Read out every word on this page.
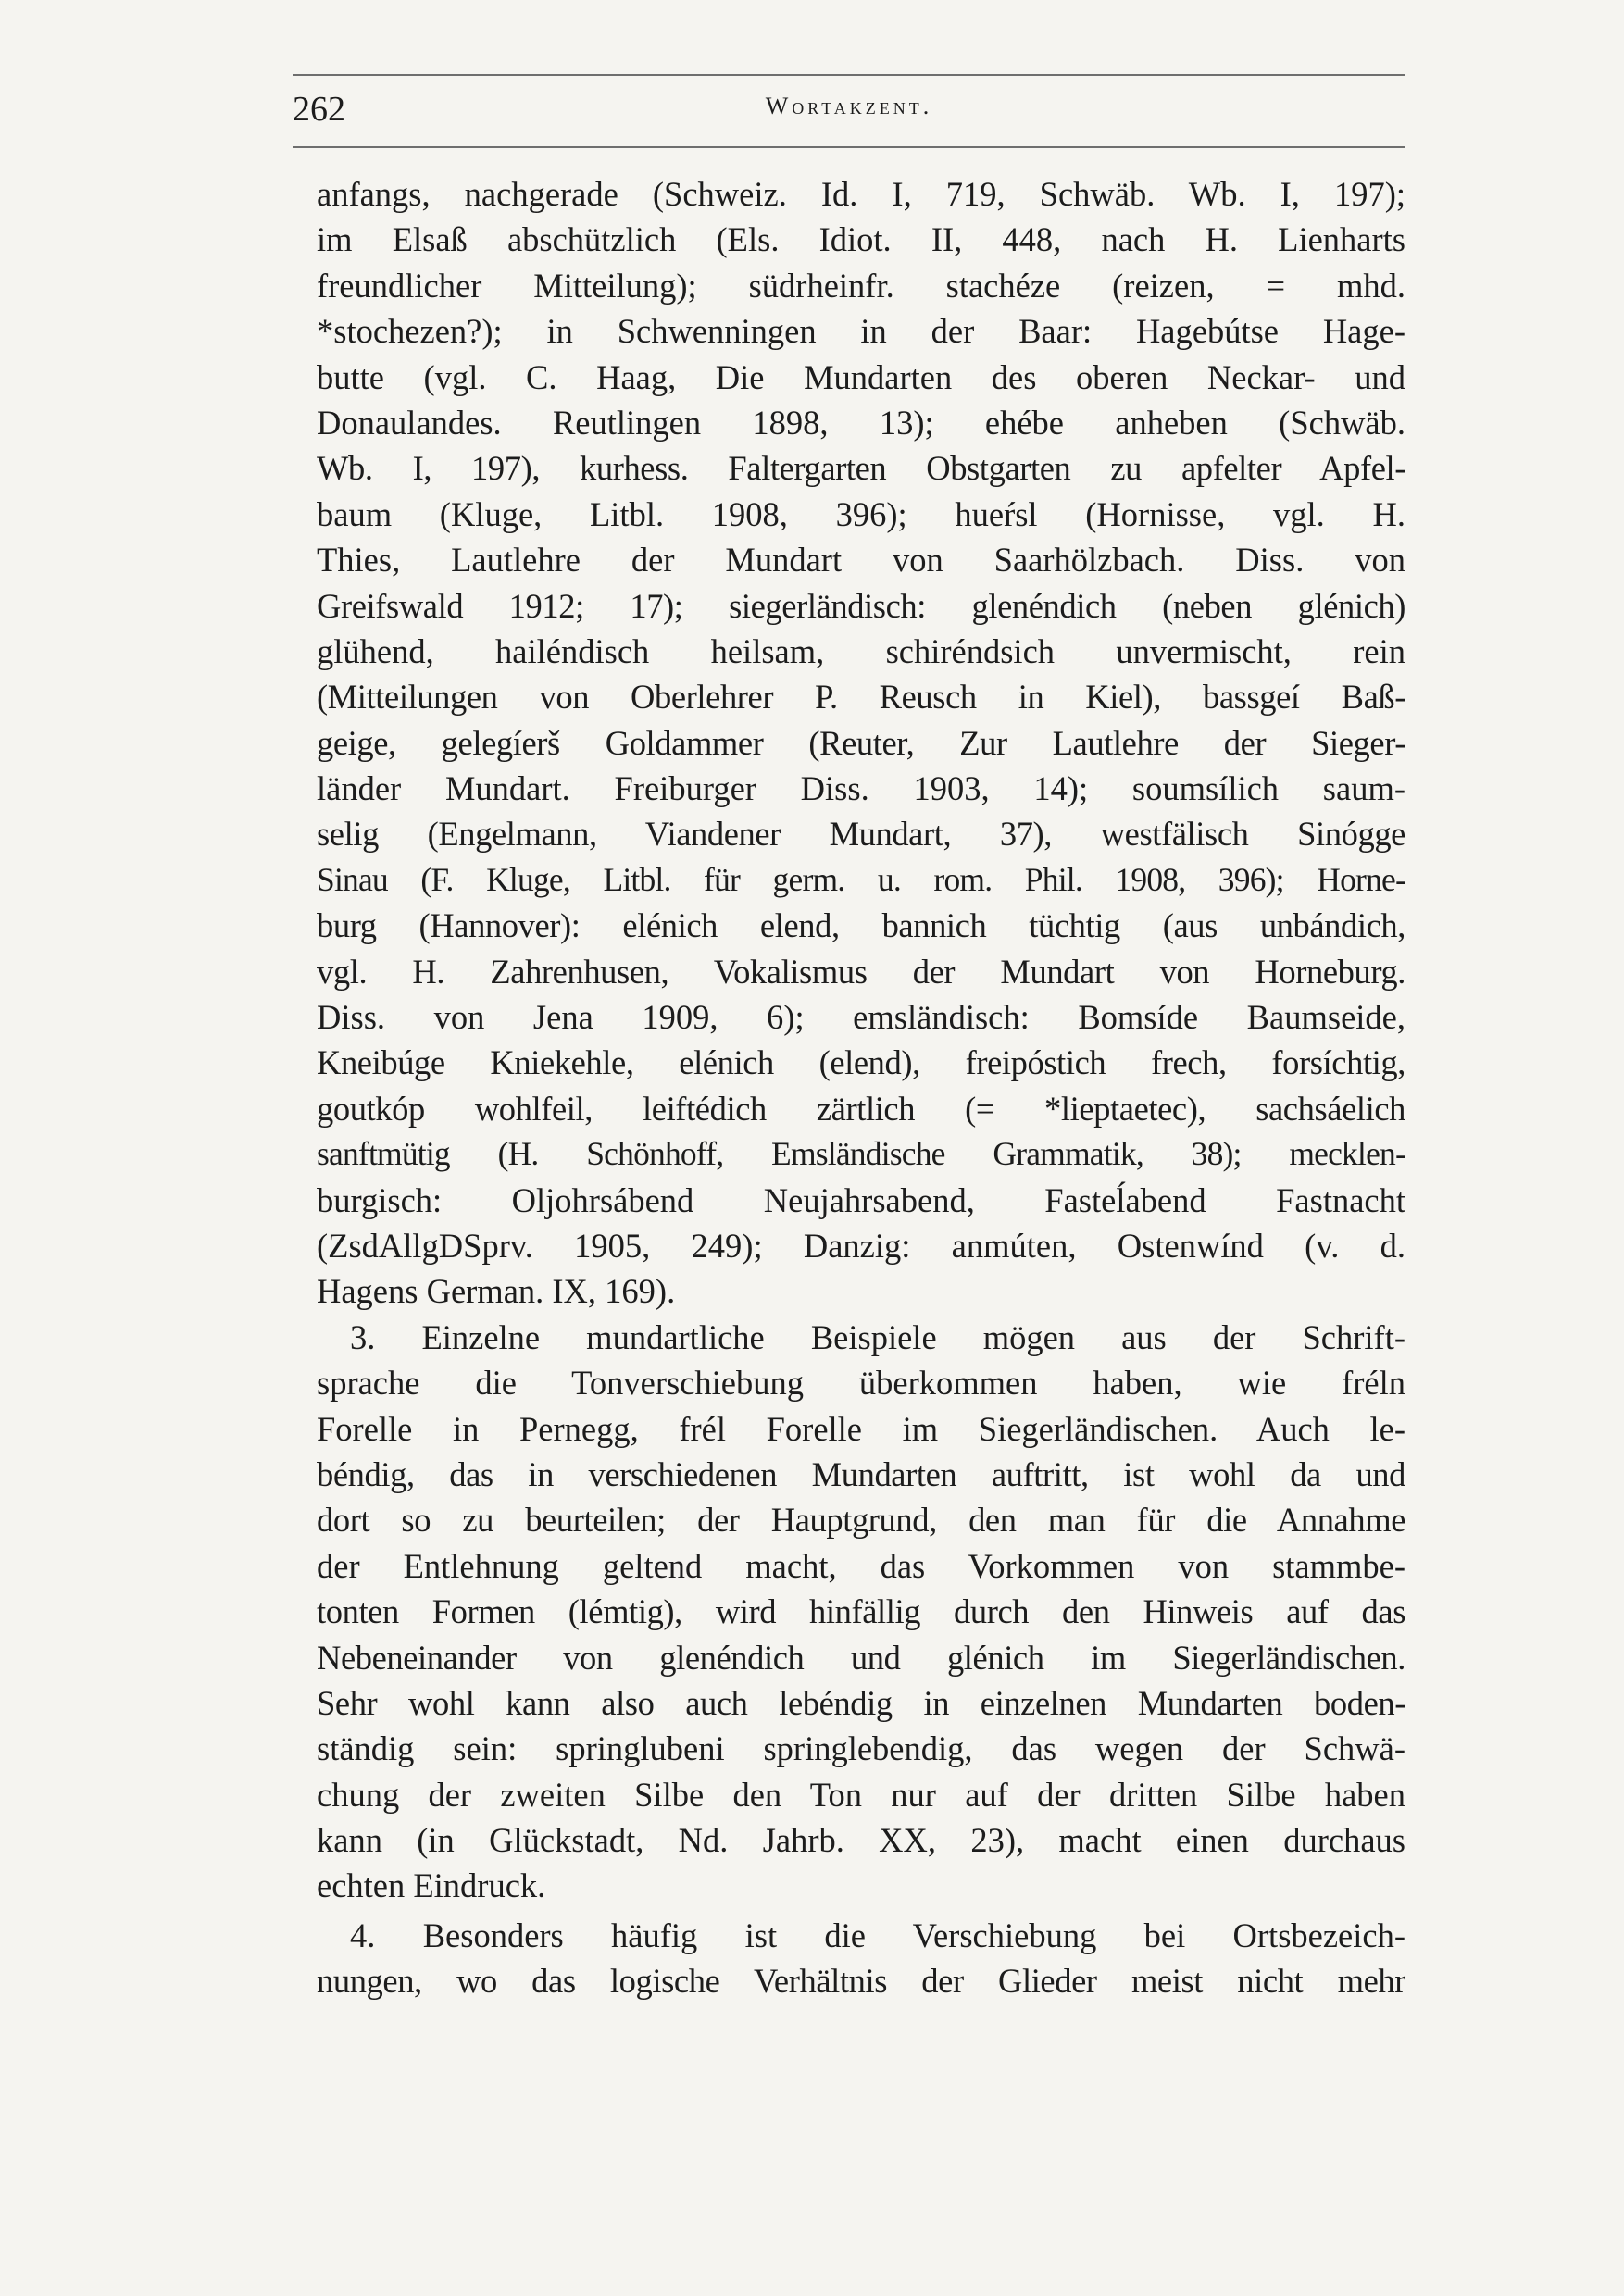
262	Wortakzent.
anfangs, nachgerade (Schweiz. Id. I, 719, Schwäb. Wb. I, 197);
im Elsaß abschützlich (Els. Idiot. II, 448, nach H. Lienharts
freundlicher Mitteilung); südrheinfr. stachéze (reizen, = mhd.
*stochezen?); in Schwenningen in der Baar: Hagebútse Hage-
butte (vgl. C. Haag, Die Mundarten des oberen Neckar- und
Donaulandes. Reutlingen 1898, 13); ehébe anheben (Schwäb.
Wb. I, 197), kurhess. Faltergarten Obstgarten zu apfelter Apfel-
baum (Kluge, Litbl. 1908, 396); hueŕsl (Hornisse, vgl. H.
Thies, Lautlehre der Mundart von Saarhölzbach. Diss. von
Greifswald 1912; 17); siegerländisch: glenéndich (neben glénich)
glühend, hailéndisch heilsam, schiréndsich unvermischt, rein
(Mitteilungen von Oberlehrer P. Reusch in Kiel), bassgeí Baß-
geige, gelegíerš Goldammer (Reuter, Zur Lautlehre der Sieger-
länder Mundart. Freiburger Diss. 1903, 14); soumsílich saum-
selig (Engelmann, Viandener Mundart, 37), westfälisch Sinógge
Sinau (F. Kluge, Litbl. für germ. u. rom. Phil. 1908, 396); Horne-
burg (Hannover): elénich elend, bannich tüchtig (aus unbándich,
vgl. H. Zahrenhusen, Vokalismus der Mundart von Horneburg.
Diss. von Jena 1909, 6); emsländisch: Bomsíde Baumseide,
Kneibúge Kniekehle, elénich (elend), freipóstich frech, forsíchtig,
goutkóp wohlfeil, leiftédich zärtlich (= *lieptaetec), sachsáelich
sanftmütig (H. Schönhoff, Emsländische Grammatik, 38); mecklen-
burgisch: Oljohrsábend Neujahrsabend, Fasteĺabend Fastnacht
(ZsdAllgDSprv. 1905, 249); Danzig: anmúten, Ostenwínd (v. d.
Hagens German. IX, 169).
3. Einzelne mundartliche Beispiele mögen aus der Schrift-
sprache die Tonverschiebung überkommen haben, wie fréln
Forelle in Pernegg, frél Forelle im Siegerländischen. Auch le-
béndig, das in verschiedenen Mundarten auftritt, ist wohl da und
dort so zu beurteilen; der Hauptgrund, den man für die Annahme
der Entlehnung geltend macht, das Vorkommen von stammbe-
tonten Formen (lémtig), wird hinfällig durch den Hinweis auf das
Nebeneinander von glenéndich und glénich im Siegerländischen.
Sehr wohl kann also auch lebéndig in einzelnen Mundarten boden-
ständig sein: springlubeni springlebendig, das wegen der Schwä-
chung der zweiten Silbe den Ton nur auf der dritten Silbe haben
kann (in Glückstadt, Nd. Jahrb. XX, 23), macht einen durchaus
echten Eindruck.
4. Besonders häufig ist die Verschiebung bei Ortsbezeich-
nungen, wo das logische Verhältnis der Glieder meist nicht mehr
